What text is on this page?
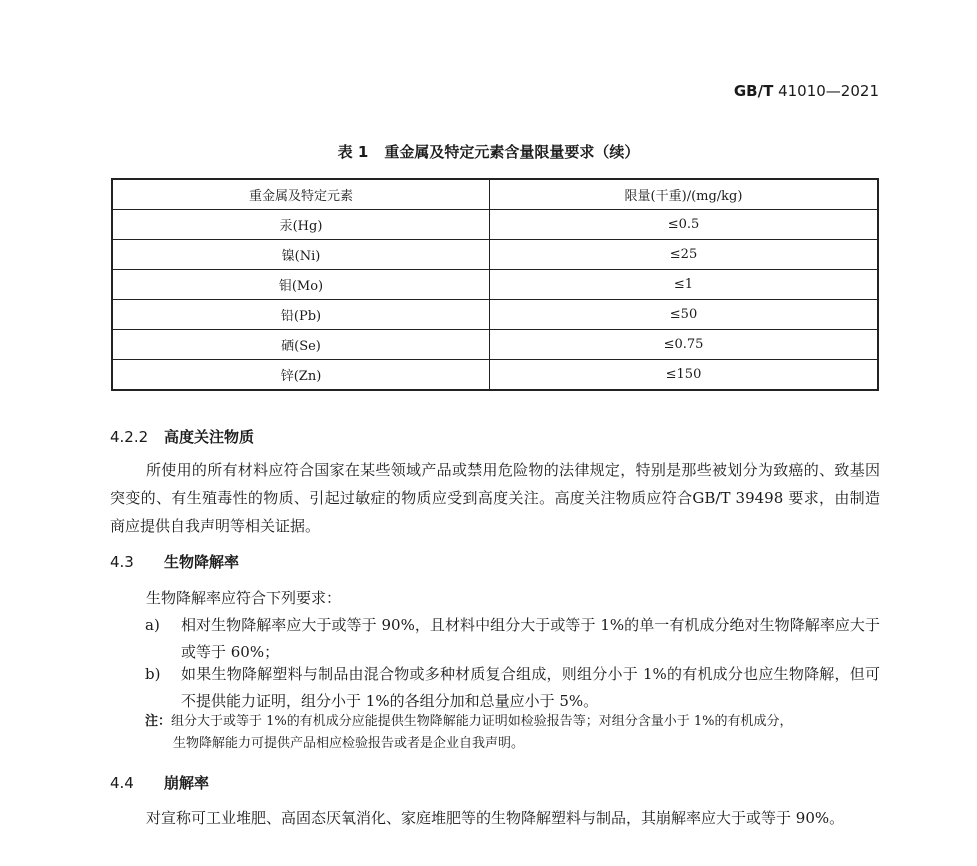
GB/T 41010—2021
表 1 重金属及特定元素含量限量要求（续）
重金属及特定元素	限量(干重)/(mg/kg)
汞(Hg)	≤0.5
镍(Ni)	≤25
钼(Mo)	≤1
铅(Pb)	≤50
硒(Se)	≤0.75
锌(Zn)	≤150
4.2.2 高度关注物质
所使用的所有材料应符合国家在某些领域产品或禁用危险物的法律规定，特别是那些被划分为致癌的、致基因突变的、有生殖毒性的物质、引起过敏症的物质应受到高度关注。高度关注物质应符合GB/T 39498 要求，由制造商应提供自我声明等相关证据。
4.3 生物降解率
生物降解率应符合下列要求：
a) 相对生物降解率应大于或等于 90%，且材料中组分大于或等于 1%的单一有机成分绝对生物降解率应大于或等于 60%；
b) 如果生物降解塑料与制品由混合物或多种材质复合组成，则组分小于 1%的有机成分也应生物降解，但可不提供能力证明，组分小于 1%的各组分加和总量应小于 5%。
注：组分大于或等于 1%的有机成分应能提供生物降解能力证明如检验报告等；对组分含量小于 1%的有机成分，
生物降解能力可提供产品相应检验报告或者是企业自我声明。
4.4 崩解率
对宣称可工业堆肥、高固态厌氧消化、家庭堆肥等的生物降解塑料与制品，其崩解率应大于或等于 90%。
